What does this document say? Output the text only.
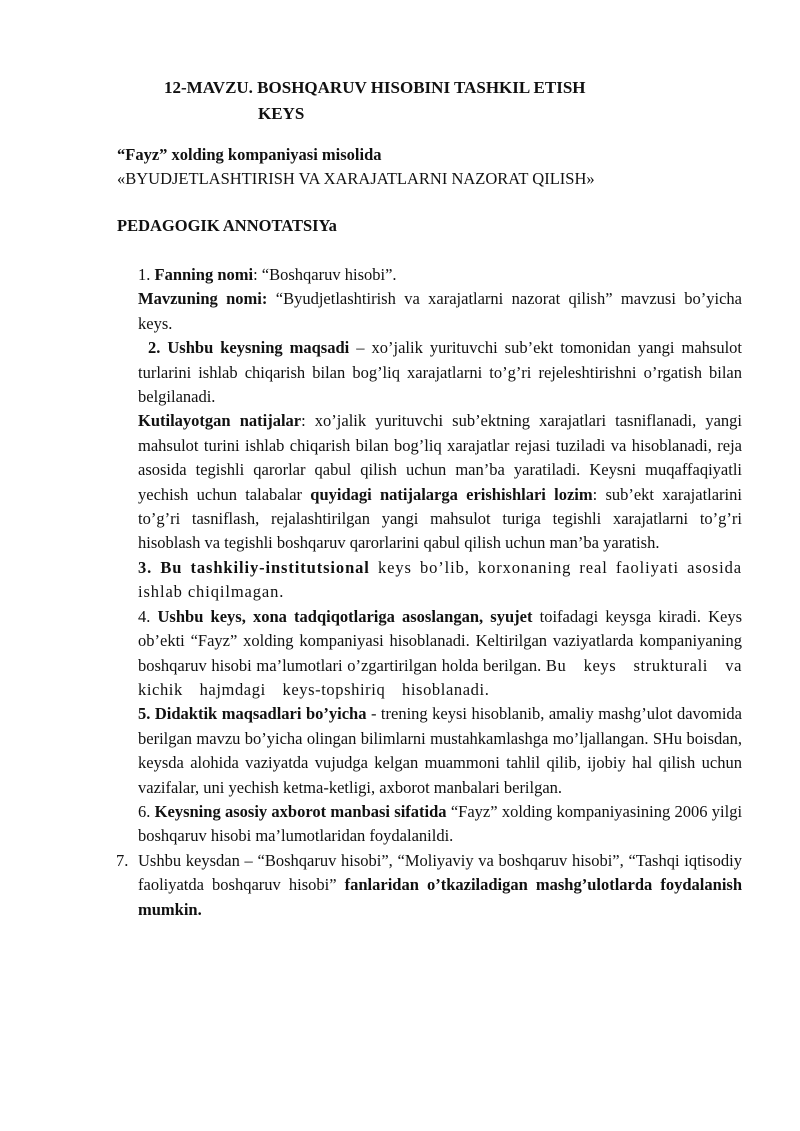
12-MAVZU. BOSHQARUV HISOBINI TASHKIL ETISH
KEYS
“Fayz” xolding kompaniyasi misolida
«BYUDJETLASHTIRISH VA XARAJATLARNI NAZORAT QILISH»
PEDAGOGIK ANNOTATSIYa

1. Fanning nomi: “Boshqaruv hisobi”.

Mavzuning nomi: “Byudjetlashtirish va xarajatlarni nazorat qilish” mavzusi bo’yicha keys.

2. Ushbu keysning maqsadi – xo’jalik yurituvchi sub’ekt tomonidan yangi mahsulot turlarini ishlab chiqarish bilan bog’liq xarajatlarni to’g’ri rejeleshtirishni o’rgatish bilan belgilanadi.

Kutilayotgan natijalar: xo’jalik yurituvchi sub’ektning xarajatlari tasniflanadi, yangi mahsulot turini ishlab chiqarish bilan bog’liq xarajatlar rejasi tuziladi va hisoblanadi, reja asosida tegishli qarorlar qabul qilish uchun man’ba yaratiladi. Keysni muqaffaqiyatli yechish uchun talabalar quyidagi natijalarga erishishlari lozim: sub’ekt xarajatlarini to’g’ri tasniflash, rejalashtirilgan yangi mahsulot turiga tegishli xarajatlarni to’g’ri hisoblash va tegishli boshqaruv qarorlarini qabul qilish uchun man’ba yaratish.

3. Bu tashkiliy-institutsional keys bo’lib, korxonaning real faoliyati asosida ishlab chiqilmagan.

4. Ushbu keys, xona tadqiqotlariga asoslangan, syujet toifadagi keysga kiradi. Keys ob’ekti “Fayz” xolding kompaniyasi hisoblanadi. Keltirilgan vaziyatlarda kompaniyaning boshqaruv hisobi ma’lumotlari o’zgartirilgan holda berilgan. Bu keys strukturali va kichik hajmdagi keys-topshiriq hisoblanadi.

5. Didaktik maqsadlari bo’yicha - trening keysi hisoblanib, amaliy mashg’ulot davomida berilgan mavzu bo’yicha olingan bilimlarni mustahkamlashga mo’ljallangan. SHu boisdan, keysda alohida vaziyatda vujudga kelgan muammoni tahlil qilib, ijobiy hal qilish uchun vazifalar, uni yechish ketma-ketligi, axborot manbalari berilgan.

6. Keysning asosiy axborot manbasi sifatida “Fayz” xolding kompaniyasining 2006 yilgi boshqaruv hisobi ma’lumotlaridan foydalanildi.

7. Ushbu keysdan – “Boshqaruv hisobi”, “Moliyaviy va boshqaruv hisobi”, “Tashqi iqtisodiy faoliyatda boshqaruv hisobi” fanlaridan o’tkaziladigan mashg’ulotlarda foydalanish mumkin.
